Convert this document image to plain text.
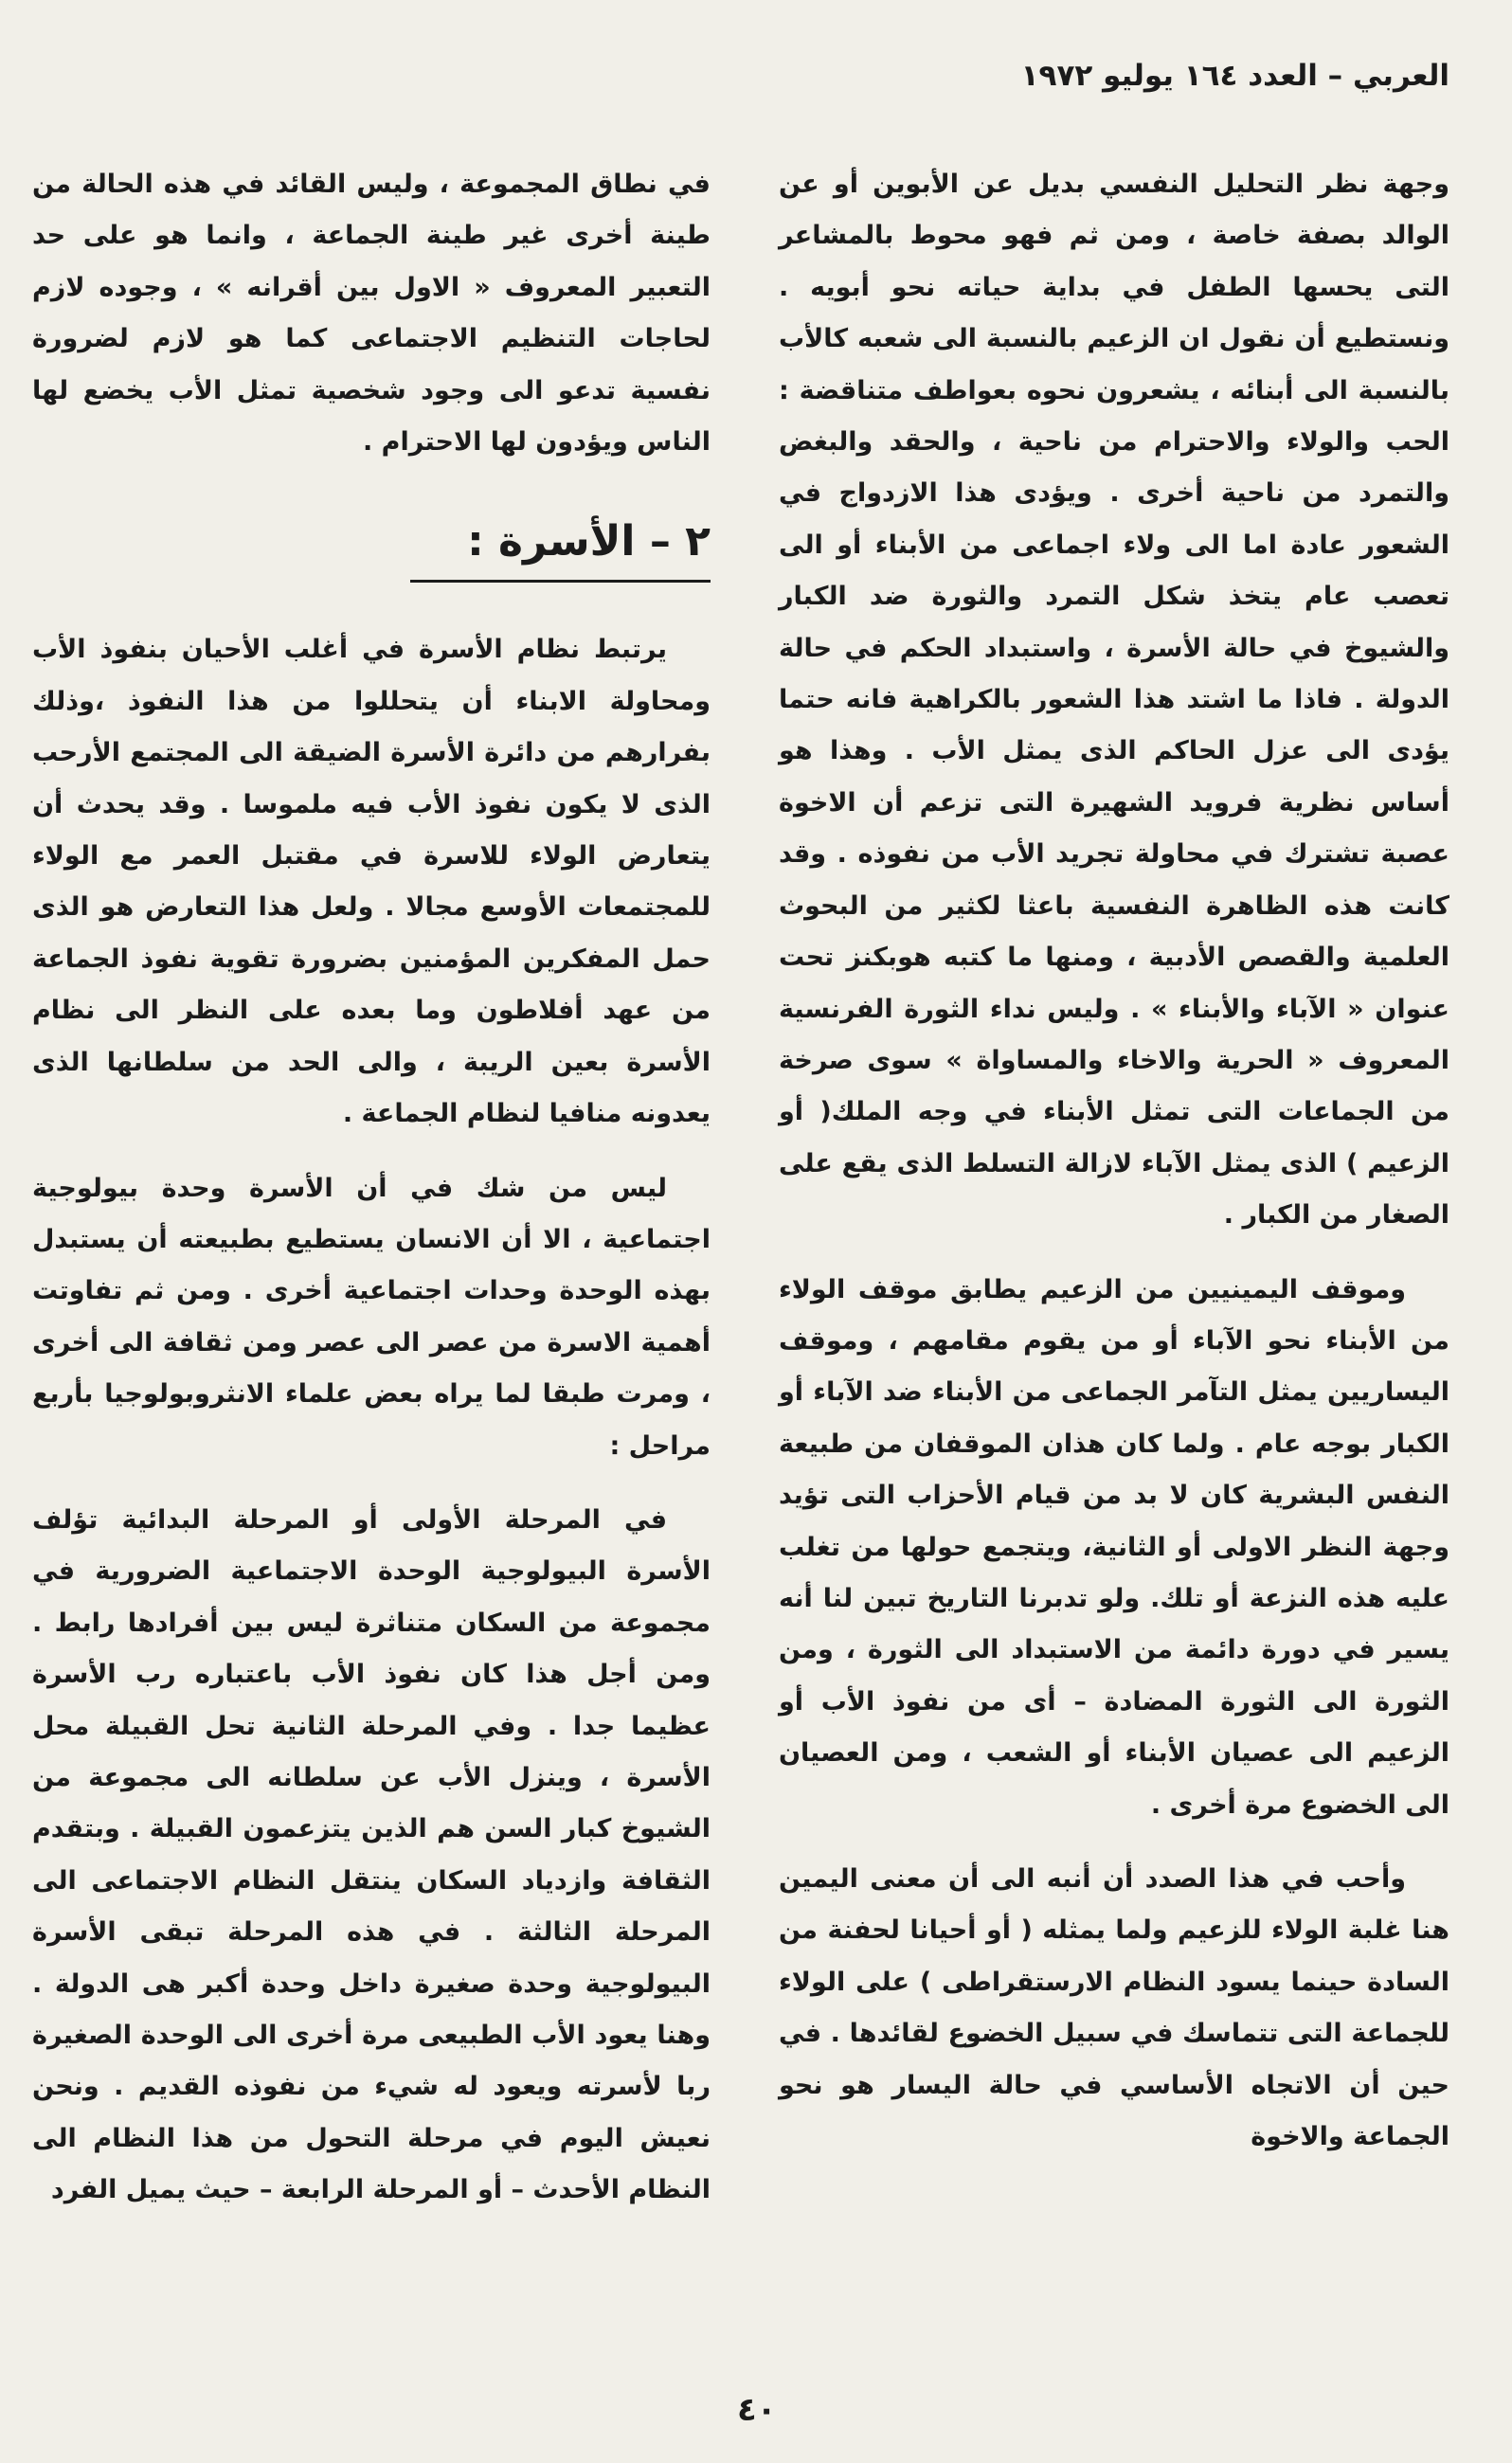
العربي – العدد ١٦٤ يوليو ١٩٧٢

وجهة نظر التحليل النفسي بديل عن الأبوين أو عن الوالد بصفة خاصة ، ومن ثم فهو محوط بالمشاعر التى يحسها الطفل في بداية حياته نحو أبويه . ونستطيع أن نقول ان الزعيم بالنسبة الى شعبه كالأب بالنسبة الى أبنائه ، يشعرون نحوه بعواطف متناقضة : الحب والولاء والاحترام من ناحية ، والحقد والبغض والتمرد من ناحية أخرى . ويؤدى هذا الازدواج في الشعور عادة اما الى ولاء اجماعى من الأبناء أو الى تعصب عام يتخذ شكل التمرد والثورة ضد الكبار والشيوخ في حالة الأسرة ، واستبداد الحكم في حالة الدولة . فاذا ما اشتد هذا الشعور بالكراهية فانه حتما يؤدى الى عزل الحاكم الذى يمثل الأب . وهذا هو أساس نظرية فرويد الشهيرة التى تزعم أن الاخوة عصبة تشترك في محاولة تجريد الأب من نفوذه . وقد كانت هذه الظاهرة النفسية باعثا لكثير من البحوث العلمية والقصص الأدبية ، ومنها ما كتبه هوبكنز تحت عنوان « الآباء والأبناء » . وليس نداء الثورة الفرنسية المعروف « الحرية والاخاء والمساواة » سوى صرخة من الجماعات التى تمثل الأبناء في وجه الملك( أو الزعيم ) الذى يمثل الآباء لازالة التسلط الذى يقع على الصغار من الكبار .

وموقف اليمينيين من الزعيم يطابق موقف الولاء من الأبناء نحو الآباء أو من يقوم مقامهم ، وموقف اليساريين يمثل التآمر الجماعى من الأبناء ضد الآباء أو الكبار بوجه عام . ولما كان هذان الموقفان من طبيعة النفس البشرية كان لا بد من قيام الأحزاب التى تؤيد وجهة النظر الاولى أو الثانية، ويتجمع حولها من تغلب عليه هذه النزعة أو تلك. ولو تدبرنا التاريخ تبين لنا أنه يسير في دورة دائمة من الاستبداد الى الثورة ، ومن الثورة الى الثورة المضادة – أى من نفوذ الأب أو الزعيم الى عصيان الأبناء أو الشعب ، ومن العصيان الى الخضوع مرة أخرى .

وأحب في هذا الصدد أن أنبه الى أن معنى اليمين هنا غلبة الولاء للزعيم ولما يمثله ( أو أحيانا لحفنة من السادة حينما يسود النظام الارستقراطى ) على الولاء للجماعة التى تتماسك في سبيل الخضوع لقائدها . في حين أن الاتجاه الأساسي في حالة اليسار هو نحو الجماعة والاخوة

في نطاق المجموعة ، وليس القائد في هذه الحالة من طينة أخرى غير طينة الجماعة ، وانما هو على حد التعبير المعروف « الاول بين أقرانه » ، وجوده لازم لحاجات التنظيم الاجتماعى كما هو لازم لضرورة نفسية تدعو الى وجود شخصية تمثل الأب يخضع لها الناس ويؤدون لها الاحترام .

٢ – الأسرة :

يرتبط نظام الأسرة في أغلب الأحيان بنفوذ الأب ومحاولة الابناء أن يتحللوا من هذا النفوذ ،وذلك بفرارهم من دائرة الأسرة الضيقة الى المجتمع الأرحب الذى لا يكون نفوذ الأب فيه ملموسا . وقد يحدث أن يتعارض الولاء للاسرة في مقتبل العمر مع الولاء للمجتمعات الأوسع مجالا . ولعل هذا التعارض هو الذى حمل المفكرين المؤمنين بضرورة تقوية نفوذ الجماعة من عهد أفلاطون وما بعده على النظر الى نظام الأسرة بعين الريبة ، والى الحد من سلطانها الذى يعدونه منافيا لنظام الجماعة .

ليس من شك في أن الأسرة وحدة بيولوجية اجتماعية ، الا أن الانسان يستطيع بطبيعته أن يستبدل بهذه الوحدة وحدات اجتماعية أخرى . ومن ثم تفاوتت أهمية الاسرة من عصر الى عصر ومن ثقافة الى أخرى ، ومرت طبقا لما يراه بعض علماء الانثروبولوجيا بأربع مراحل :

في المرحلة الأولى أو المرحلة البدائية تؤلف الأسرة البيولوجية الوحدة الاجتماعية الضرورية في مجموعة من السكان متناثرة ليس بين أفرادها رابط . ومن أجل هذا كان نفوذ الأب باعتباره رب الأسرة عظيما جدا . وفي المرحلة الثانية تحل القبيلة محل الأسرة ، وينزل الأب عن سلطانه الى مجموعة من الشيوخ كبار السن هم الذين يتزعمون القبيلة . وبتقدم الثقافة وازدياد السكان ينتقل النظام الاجتماعى الى المرحلة الثالثة . في هذه المرحلة تبقى الأسرة البيولوجية وحدة صغيرة داخل وحدة أكبر هى الدولة . وهنا يعود الأب الطبيعى مرة أخرى الى الوحدة الصغيرة ربا لأسرته ويعود له شيء من نفوذه القديم . ونحن نعيش اليوم في مرحلة التحول من هذا النظام الى النظام الأحدث – أو المرحلة الرابعة – حيث يميل الفرد

٤٠
